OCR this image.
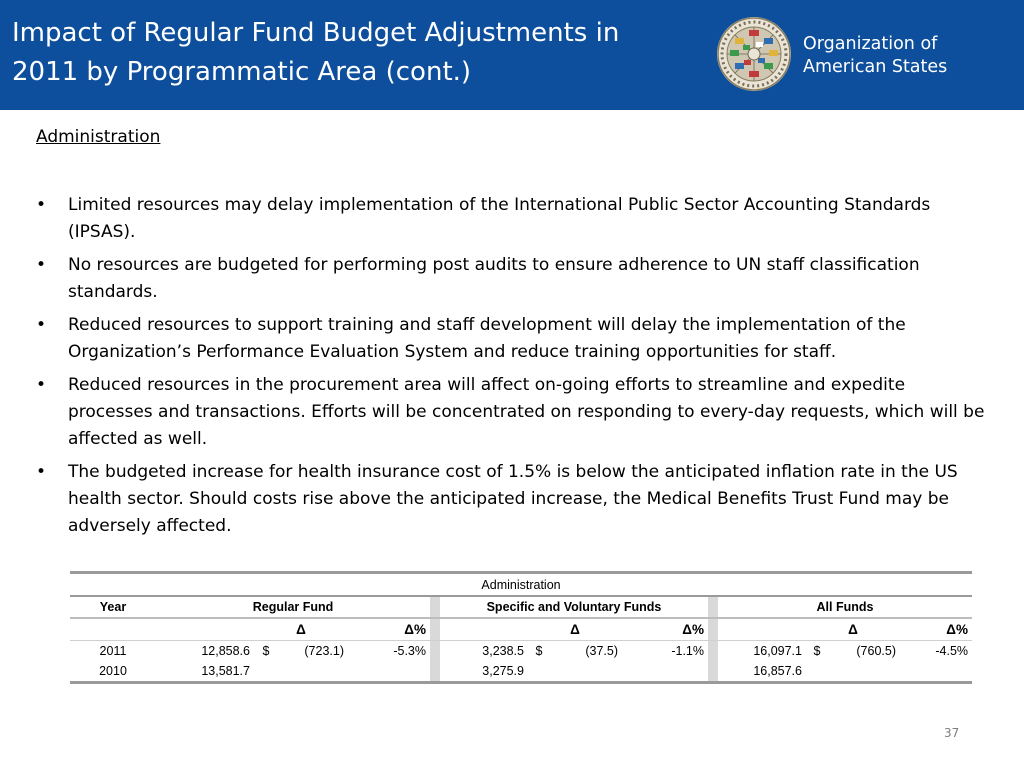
Impact of Regular Fund Budget Adjustments in
2011 by Programmatic Area (cont.)
Organization of
American States
Administration
• Limited resources may delay implementation of the International Public Sector Accounting Standards (IPSAS).
• No resources are budgeted for performing post audits to ensure adherence to UN staff classification standards.
• Reduced resources to support training and staff development will delay the implementation of the Organization’s Performance Evaluation System and reduce training opportunities for staff.
• Reduced resources in the procurement area will affect on-going efforts to streamline and expedite processes and transactions. Efforts will be concentrated on responding to every-day requests, which will be affected as well.
• The budgeted increase for health insurance cost of 1.5% is below the anticipated inflation rate in the US health sector. Should costs rise above the anticipated increase, the Medical Benefits Trust Fund may be adversely affected.
Administration														
Year	Regular Fund					Specific and Voluntary Funds					All Funds			
		Δ		Δ%			Δ		Δ%			Δ		Δ%
2011	12,858.6	$	(723.1)	-5.3%		3,238.5	$	(37.5)	-1.1%		16,097.1	$	(760.5)	-4.5%
2010	13,581.7					3,275.9					16,857.6			
37
